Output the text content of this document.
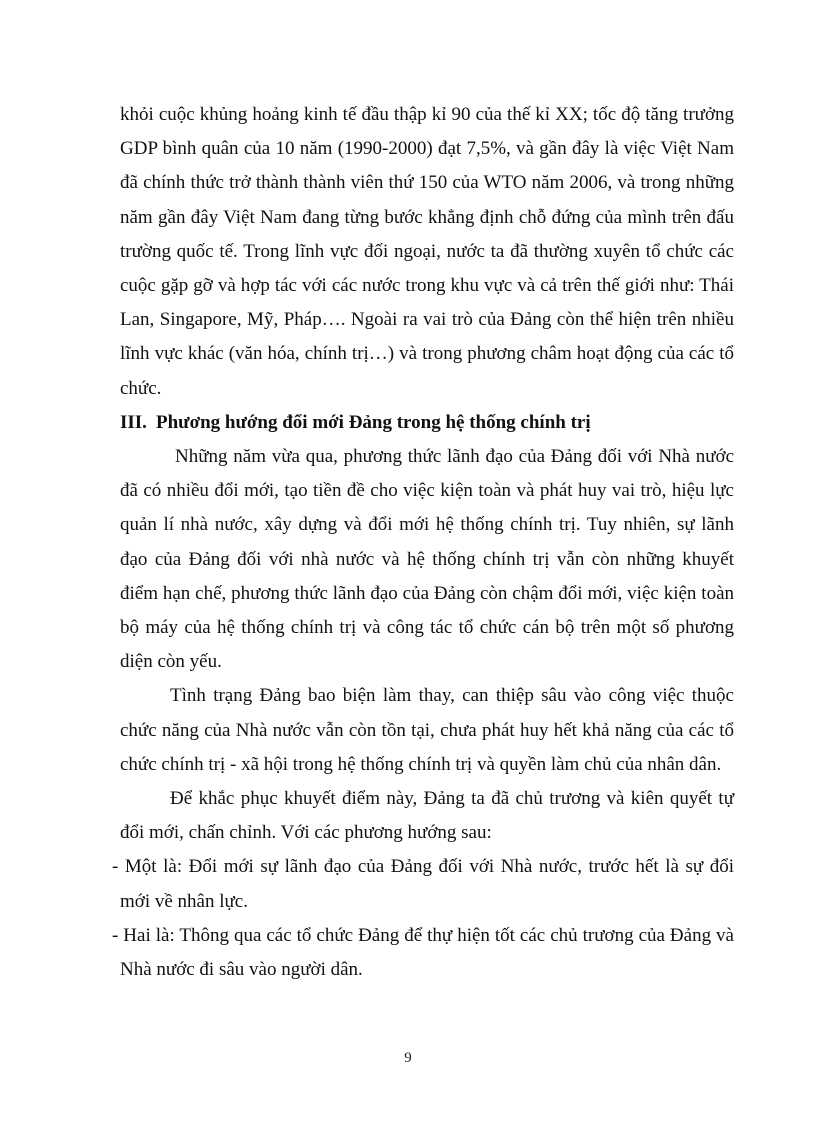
khỏi cuộc khủng hoảng kinh tế đầu thập kỉ 90 của thế kỉ XX; tốc độ tăng trưởng GDP bình quân của 10 năm (1990-2000) đạt 7,5%, và gần đây là việc Việt Nam đã chính thức trở thành thành viên thứ 150 của WTO năm 2006, và trong những năm gần đây Việt Nam đang từng bước khẳng định chỗ đứng của mình trên đấu trường quốc tế. Trong lĩnh vực đối ngoại, nước ta đã thường xuyên tổ chức các cuộc gặp gỡ và hợp tác với các nước trong khu vực và cả trên thế giới như: Thái Lan, Singapore, Mỹ, Pháp…. Ngoài ra vai trò của Đảng còn thể hiện trên nhiều lĩnh vực khác (văn hóa, chính trị…) và trong phương châm hoạt động của các tổ chức.

III. Phương hướng đổi mới Đảng trong hệ thống chính trị

Những năm vừa qua, phương thức lãnh đạo của Đảng đối với Nhà nước đã có nhiều đổi mới, tạo tiền đề cho việc kiện toàn và phát huy vai trò, hiệu lực quản lí nhà nước, xây dựng và đổi mới hệ thống chính trị. Tuy nhiên, sự lãnh đạo của Đảng đối với nhà nước và hệ thống chính trị vẫn còn những khuyết điểm hạn chế, phương thức lãnh đạo của Đảng còn chậm đổi mới, việc kiện toàn bộ máy của hệ thống chính trị và công tác tổ chức cán bộ trên một số phương diện còn yếu.

Tình trạng Đảng bao biện làm thay, can thiệp sâu vào công việc thuộc chức năng của Nhà nước vẫn còn tồn tại, chưa phát huy hết khả năng của các tổ chức chính trị - xã hội trong hệ thống chính trị và quyền làm chủ của nhân dân.

Để khắc phục khuyết điểm này, Đảng ta đã chủ trương và kiên quyết tự đổi mới, chấn chỉnh. Với các phương hướng sau:

- Một là: Đổi mới sự lãnh đạo của Đảng đối với Nhà nước, trước hết là sự đổi mới về nhân lực.

- Hai là: Thông qua các tổ chức Đảng để thự hiện tốt các chủ trương của Đảng và Nhà nước đi sâu vào người dân.

9
